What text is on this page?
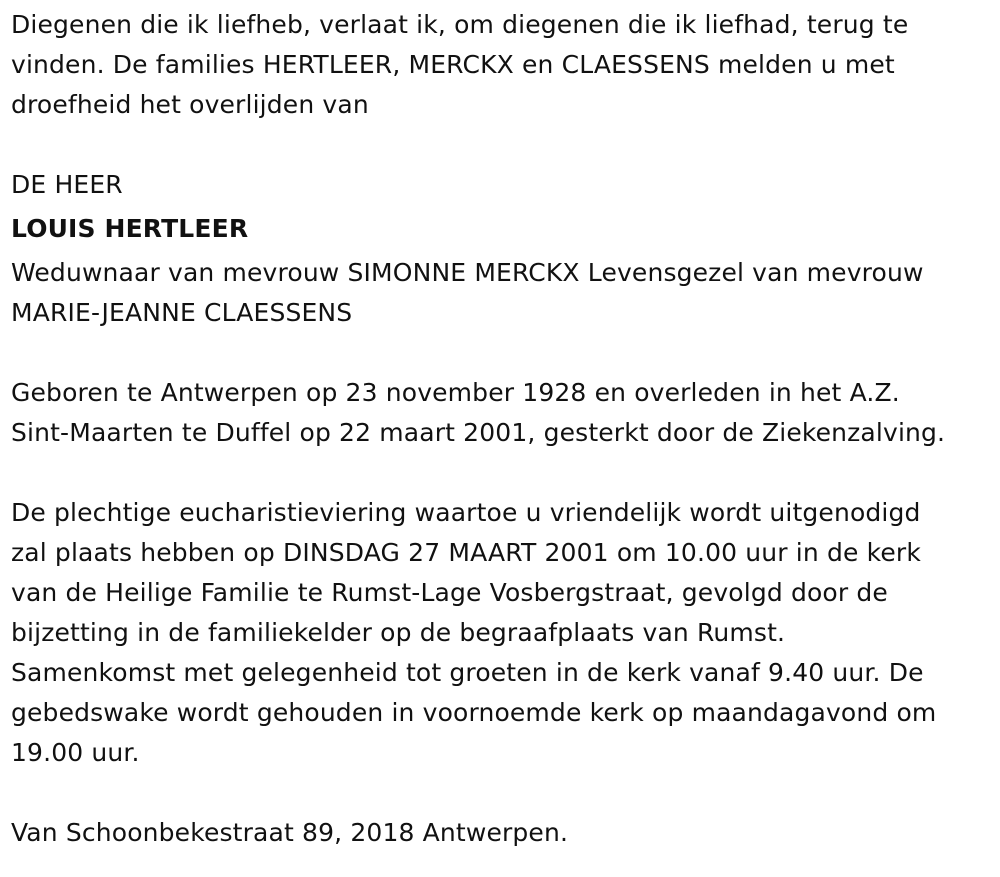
Diegenen die ik liefheb, verlaat ik, om diegenen die ik liefhad, terug te
vinden. De families HERTLEER, MERCKX en CLAESSENS melden u met
droefheid het overlijden van

DE HEER

LOUIS HERTLEER

Weduwnaar van mevrouw SIMONNE MERCKX Levensgezel van mevrouw
MARIE-JEANNE CLAESSENS

Geboren te Antwerpen op 23 november 1928 en overleden in het A.Z.
Sint-Maarten te Duffel op 22 maart 2001, gesterkt door de Ziekenzalving.

De plechtige eucharistieviering waartoe u vriendelijk wordt uitgenodigd
zal plaats hebben op DINSDAG 27 MAART 2001 om 10.00 uur in de kerk
van de Heilige Familie te Rumst-Lage Vosbergstraat, gevolgd door de
bijzetting in de familiekelder op de begraafplaats van Rumst.
Samenkomst met gelegenheid tot groeten in de kerk vanaf 9.40 uur. De
gebedswake wordt gehouden in voornoemde kerk op maandagavond om
19.00 uur.

Van Schoonbekestraat 89, 2018 Antwerpen.
